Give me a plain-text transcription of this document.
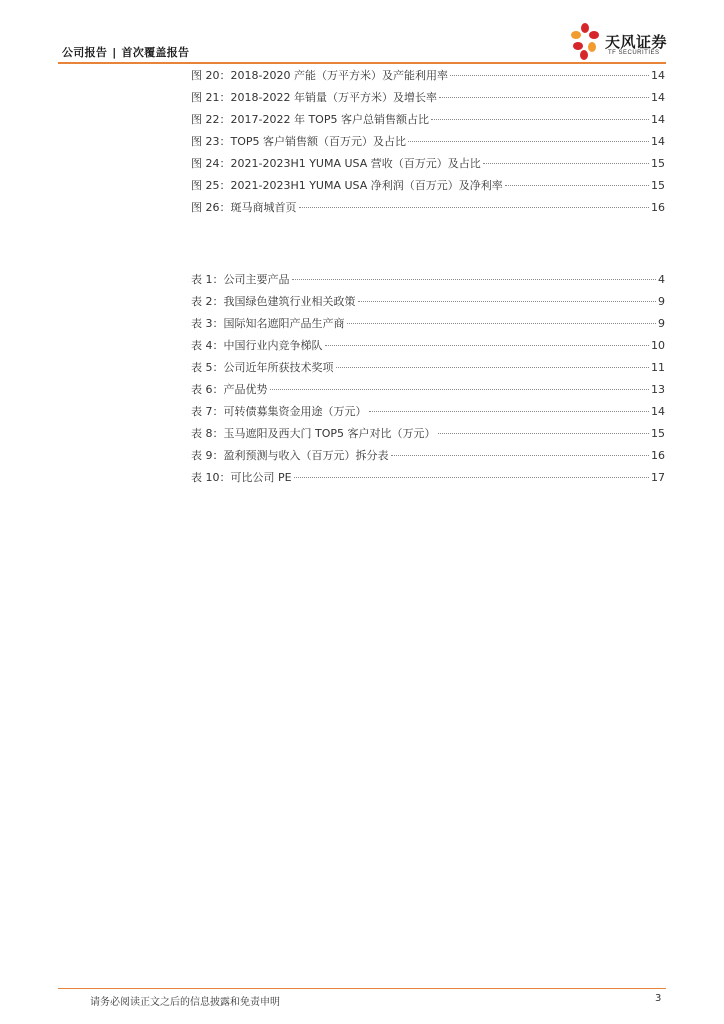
公司报告 | 首次覆盖报告
天风证券
TF SECURITIES
图 20：2018-2020 产能（万平方米）及产能利用率	14
图 21：2018-2022 年销量（万平方米）及增长率	14
图 22：2017-2022 年 TOP5 客户总销售额占比	14
图 23：TOP5 客户销售额（百万元）及占比	14
图 24：2021-2023H1 YUMA USA 营收（百万元）及占比	15
图 25：2021-2023H1 YUMA USA 净利润（百万元）及净利率	15
图 26：斑马商城首页	16
表 1：公司主要产品	4
表 2：我国绿色建筑行业相关政策	9
表 3：国际知名遮阳产品生产商	9
表 4：中国行业内竞争梯队	10
表 5：公司近年所获技术奖项	11
表 6：产品优势	13
表 7：可转债募集资金用途（万元）	14
表 8：玉马遮阳及西大门 TOP5 客户对比（万元）	15
表 9：盈利预测与收入（百万元）拆分表	16
表 10：可比公司 PE	17
请务必阅读正文之后的信息披露和免责申明	3
